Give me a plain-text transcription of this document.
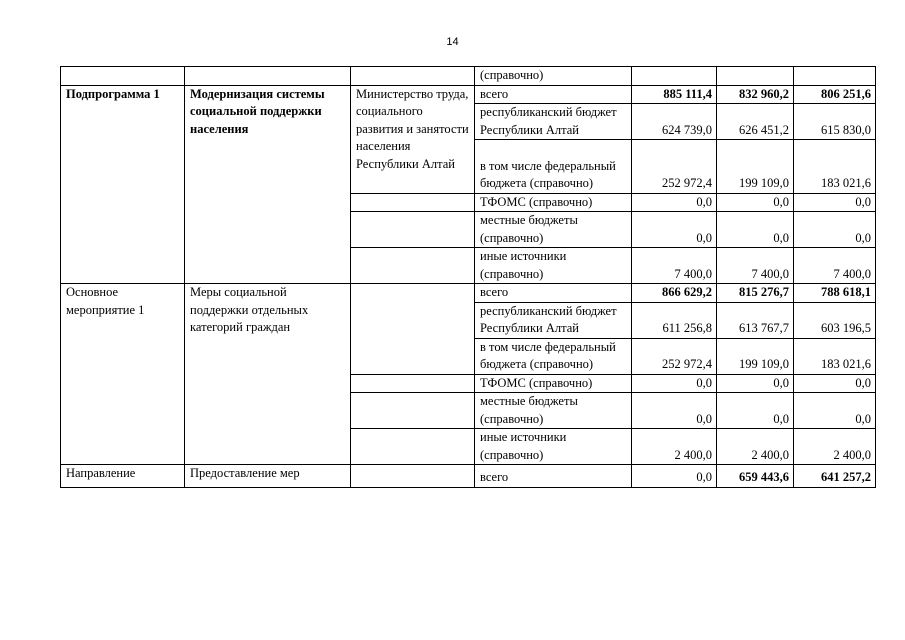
14
			(справочно)			
Подпрограмма 1	Модернизация системы социальной поддержки населения	Министерство труда, социального развития и занятости населения Республики Алтай	всего	885 111,4	832 960,2	806 251,6
			республиканский бюджет Республики Алтай	624 739,0	626 451,2	615 830,0
			в том числе федеральный бюджета (справочно)	252 972,4	199 109,0	183 021,6
			ТФОМС (справочно)	0,0	0,0	0,0
			местные бюджеты (справочно)	0,0	0,0	0,0
			иные источники (справочно)	7 400,0	7 400,0	7 400,0
Основное мероприятие 1	Меры социальной поддержки отдельных категорий граждан		всего	866 629,2	815 276,7	788 618,1
			республиканский бюджет Республики Алтай	611 256,8	613 767,7	603 196,5
			в том числе федеральный бюджета (справочно)	252 972,4	199 109,0	183 021,6
			ТФОМС (справочно)	0,0	0,0	0,0
			местные бюджеты (справочно)	0,0	0,0	0,0
			иные источники (справочно)	2 400,0	2 400,0	2 400,0
Направление	Предоставление мер		всего	0,0	659 443,6	641 257,2
